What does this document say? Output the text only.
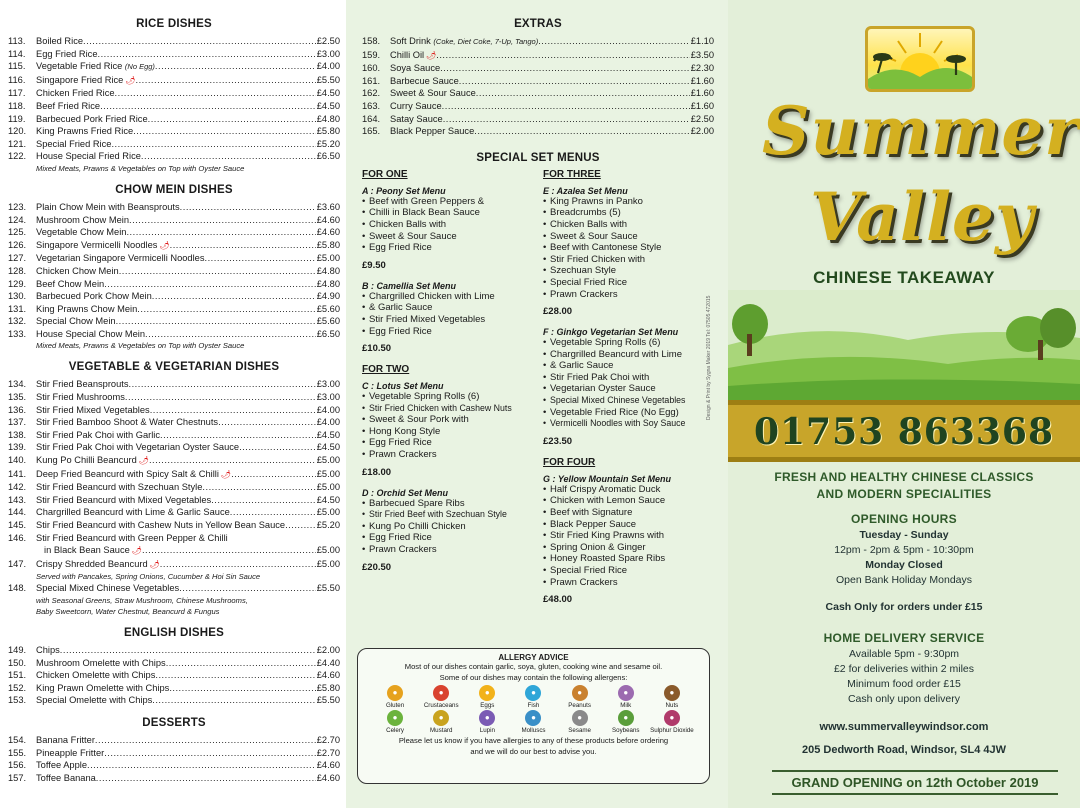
RICE DISHES
113.	Boiled Rice .....	£2.50
114.	Egg Fried Rice .....	£3.00
115.	Vegetable Fried Rice (No Egg) .....	£4.00
116.	Singapore Fried Rice 🌶︎ .....	£5.50
117.	Chicken Fried Rice .....	£4.50
118.	Beef Fried Rice .....	£4.50
119.	Barbecued Pork Fried Rice .....	£4.80
120.	King Prawns Fried Rice .....	£5.80
121.	Special Fried Rice .....	£5.20
122.	House Special Fried Rice .....	£6.50
Mixed Meats, Prawns & Vegetables on Top with Oyster Sauce
CHOW MEIN DISHES
123.	Plain Chow Mein with Beansprouts .....	£3.60
124.	Mushroom Chow Mein .....	£4.60
125.	Vegetable Chow Mein .....	£4.60
126.	Singapore Vermicelli Noodles 🌶︎ .....	£5.80
127.	Vegetarian Singapore Vermicelli Noodles .....	£5.00
128.	Chicken Chow Mein .....	£4.80
129.	Beef Chow Mein .....	£4.80
130.	Barbecued Pork Chow Mein .....	£4.90
131.	King Prawns Chow Mein .....	£5.60
132.	Special Chow Mein .....	£5.60
133.	House Special Chow Mein .....	£6.50
Mixed Meats, Prawns & Vegetables on Top with Oyster Sauce
VEGETABLE & VEGETARIAN DISHES
134.	Stir Fried Beansprouts .....	£3.00
135.	Stir Fried Mushrooms .....	£3.00
136.	Stir Fried Mixed Vegetables .....	£4.00
137.	Stir Fried Bamboo Shoot & Water Chestnuts .....	£4.00
138.	Stir Fried Pak Choi with Garlic .....	£4.50
139.	Stir Fried Pak Choi with Vegetarian Oyster Sauce .....	£4.50
140.	Kung Po Chilli Beancurd 🌶︎ .....	£5.00
141.	Deep Fried Beancurd with Spicy Salt & Chilli 🌶︎ .....	£5.00
142.	Stir Fried Beancurd with Szechuan Style .....	£5.00
143.	Stir Fried Beancurd with Mixed Vegetables .....	£4.50
144.	Chargrilled Beancurd with Lime & Garlic Sauce .....	£5.00
145.	Stir Fried Beancurd with Cashew Nuts in Yellow Bean Sauce .....	£5.20
146.	Stir Fried Beancurd with Green Pepper & Chilli
in Black Bean Sauce 🌶︎ .....	£5.00
147.	Crispy Shredded Beancurd 🌶︎ .....	£5.00
Served with Pancakes, Spring Onions, Cucumber & Hoi Sin Sauce
148.	Special Mixed Chinese Vegetables .....	£5.50
with Seasonal Greens, Straw Mushroom, Chinese Mushrooms,
Baby Sweetcorn, Water Chestnut, Beancurd & Fungus
ENGLISH DISHES
149.	Chips .....	£2.00
150.	Mushroom Omelette with Chips .....	£4.40
151.	Chicken Omelette with Chips .....	£4.60
152.	King Prawn Omelette with Chips .....	£5.80
153.	Special Omelette with Chips .....	£5.50
DESSERTS
154.	Banana Fritter .....	£2.70
155.	Pineapple Fritter .....	£2.70
156.	Toffee Apple .....	£4.60
157.	Toffee Banana .....	£4.60
EXTRAS
158.	Soft Drink (Coke, Diet Coke, 7-Up, Tango) .....	£1.10
159.	Chilli Oil 🌶︎ .....	£3.50
160.	Soya Sauce .....	£2.30
161.	Barbecue Sauce .....	£1.60
162.	Sweet & Sour Sauce .....	£1.60
163.	Curry Sauce .....	£1.60
164.	Satay Sauce .....	£2.50
165.	Black Pepper Sauce .....	£2.00
SPECIAL SET MENUS
FOR ONE
A : Peony Set Menu
• Beef with Green Peppers &
• Chilli in Black Bean Sauce
• Chicken Balls with
• Sweet & Sour Sauce
• Egg Fried Rice
£9.50
B : Camellia Set Menu
• Chargrilled Chicken with Lime
• & Garlic Sauce
• Stir Fried Mixed Vegetables
• Egg Fried Rice
£10.50
FOR TWO
C : Lotus Set Menu
• Vegetable Spring Rolls (6)
• Stir Fried Chicken with Cashew Nuts
• Sweet & Sour Pork with
• Hong Kong Style
• Egg Fried Rice
• Prawn Crackers
£18.00
D : Orchid Set Menu
• Barbecued Spare Ribs
• Stir Fried Beef with Szechuan Style
• Kung Po Chilli Chicken
• Egg Fried Rice
• Prawn Crackers
£20.50
FOR THREE
E : Azalea Set Menu
• King Prawns in Panko
• Breadcrumbs (5)
• Chicken Balls with
• Sweet & Sour Sauce
• Beef with Cantonese Style
• Stir Fried Chicken with
• Szechuan Style
• Special Fried Rice
• Prawn Crackers
£28.00
F : Ginkgo Vegetarian Set Menu
• Vegetable Spring Rolls (6)
• Chargrilled Beancurd with Lime
• & Garlic Sauce
• Stir Fried Pak Choi with
• Vegetarian Oyster Sauce
• Special Mixed Chinese Vegetables
• Vegetable Fried Rice (No Egg)
• Vermicelli Noodles with Soy Sauce
£23.50
FOR FOUR
G : Yellow Mountain Set Menu
• Half Crispy Aromatic Duck
• Chicken with Lemon Sauce
• Beef with Signature
• Black Pepper Sauce
• Stir Fried King Prawns with
• Spring Onion & Ginger
• Honey Roasted Spare Ribs
• Special Fried Rice
• Prawn Crackers
£48.00
ALLERGY ADVICE
Most of our dishes contain garlic, soya, gluten, cooking wine and sesame oil.
Some of our dishes may contain the following allergens:
●
Gluten
●
Crustaceans
●
Eggs
●
Fish
●
Peanuts
●
Milk
●
Nuts
●
Celery
●
Mustard
●
Lupin
●
Molluscs
●
Sesame
●
Soybeans
●
Sulphur Dioxide
Please let us know if you have allergies to any of these products before ordering
and we will do our best to advise you.
Design & Print by Sygna Maker 2019 Tel: 07505 472015
Summer
Valley
CHINESE TAKEAWAY
01753 863368
FRESH AND HEALTHY CHINESE CLASSICS
AND MODERN SPECIALITIES
OPENING HOURS
Tuesday - Sunday
12pm - 2pm & 5pm - 10:30pm
Monday Closed
Open Bank Holiday Mondays
Cash Only for orders under £15
HOME DELIVERY SERVICE
Available 5pm - 9:30pm
£2 for deliveries within 2 miles
Minimum food order £15
Cash only upon delivery
www.summervalleywindsor.com
205 Dedworth Road, Windsor, SL4 4JW
GRAND OPENING on 12th October 2019
